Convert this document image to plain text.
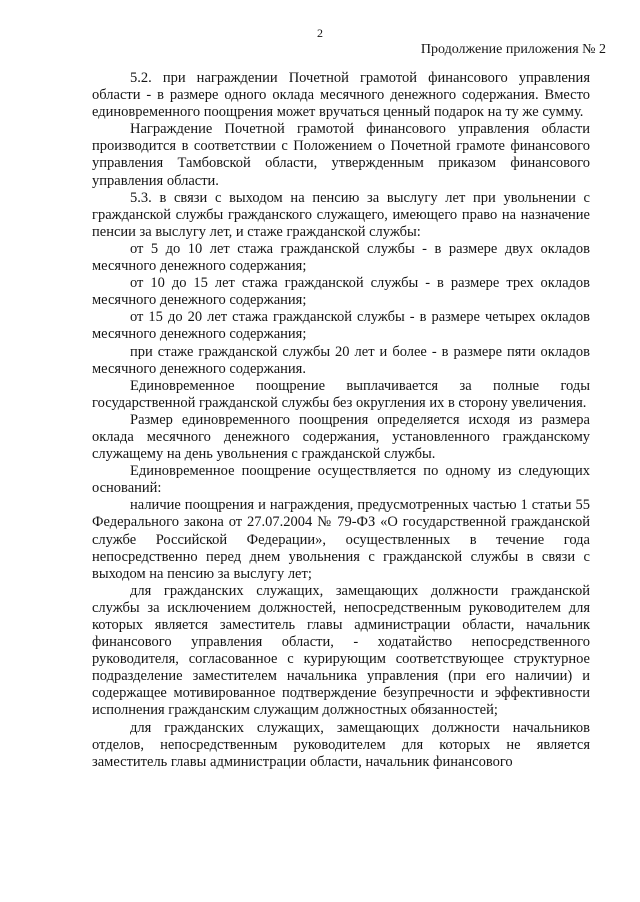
2
Продолжение приложения № 2

5.2. при награждении Почетной грамотой финансового управления области - в размере одного оклада месячного денежного содержания. Вместо единовременного поощрения может вручаться ценный подарок на ту же сумму.

Награждение Почетной грамотой финансового управления области производится в соответствии с Положением о Почетной грамоте финансового управления Тамбовской области, утвержденным приказом финансового управления области.

5.3. в связи с выходом на пенсию за выслугу лет при увольнении с гражданской службы гражданского служащего, имеющего право на назначение пенсии за выслугу лет, и стаже гражданской службы:

от 5 до 10 лет стажа гражданской службы - в размере двух окладов месячного денежного содержания;

от 10 до 15 лет стажа гражданской службы - в размере трех окладов месячного денежного содержания;

от 15 до 20 лет стажа гражданской службы - в размере четырех окладов месячного денежного содержания;

при стаже гражданской службы 20 лет и более - в размере пяти окладов месячного денежного содержания.

Единовременное поощрение выплачивается за полные годы государственной гражданской службы без округления их в сторону увеличения.

Размер единовременного поощрения определяется исходя из размера оклада месячного денежного содержания, установленного гражданскому служащему на день увольнения с гражданской службы.

Единовременное поощрение осуществляется по одному из следующих оснований:

наличие поощрения и награждения, предусмотренных частью 1 статьи 55 Федерального закона от 27.07.2004 № 79-ФЗ «О государственной гражданской службе Российской Федерации», осуществленных в течение года непосредственно перед днем увольнения с гражданской службы в связи с выходом на пенсию за выслугу лет;

для гражданских служащих, замещающих должности гражданской службы за исключением должностей, непосредственным руководителем для которых является заместитель главы администрации области, начальник финансового управления области, - ходатайство непосредственного руководителя, согласованное с курирующим соответствующее структурное подразделение заместителем начальника управления (при его наличии) и содержащее мотивированное подтверждение безупречности и эффективности исполнения гражданским служащим должностных обязанностей;

для гражданских служащих, замещающих должности начальников отделов, непосредственным руководителем для которых не является заместитель главы администрации области, начальник финансового
